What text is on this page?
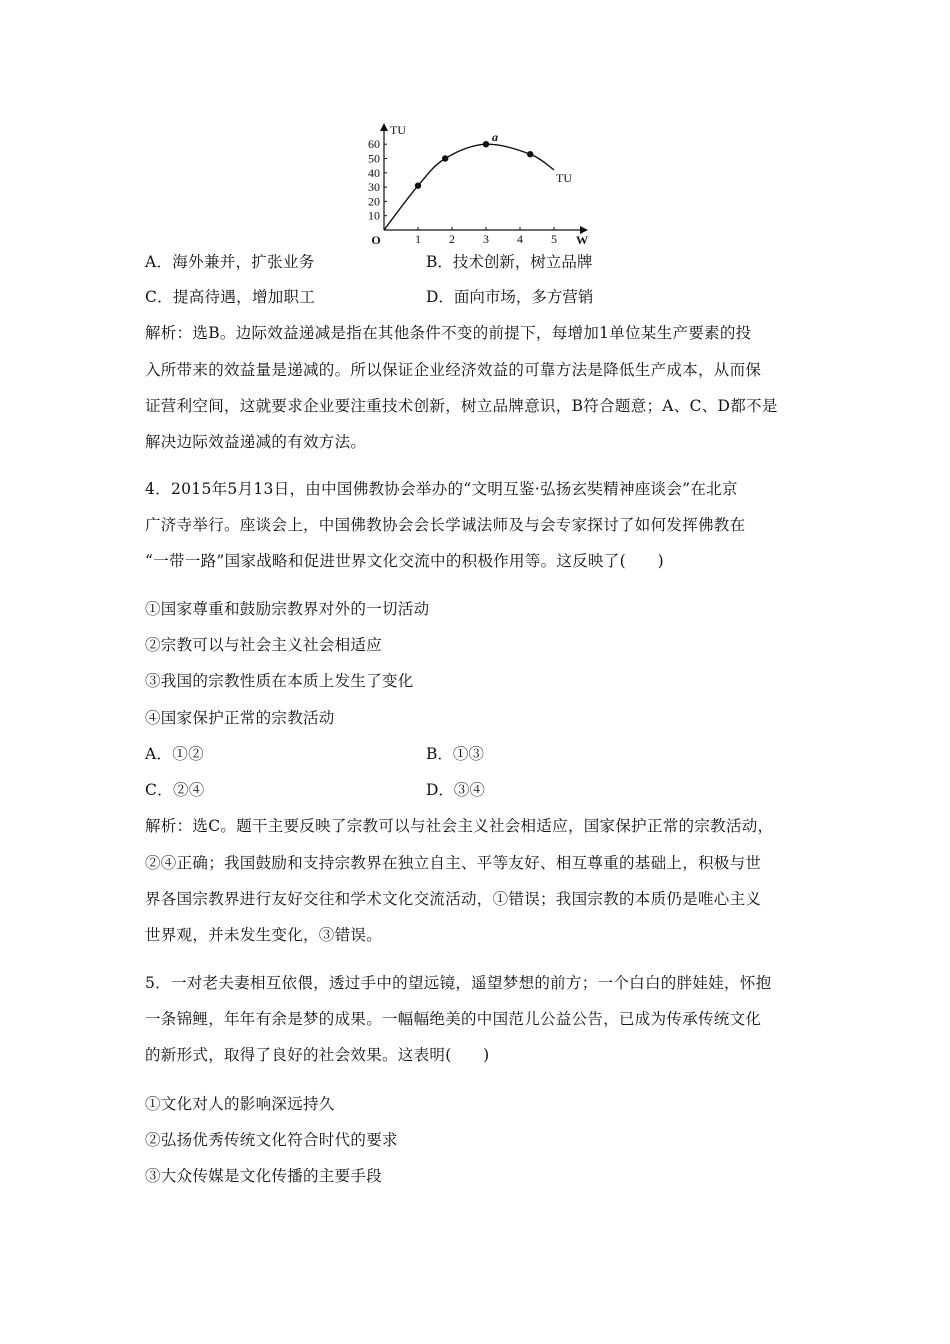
10
20
30
40
50
60
1 2 3 4 5
O	W
TU
TU
a
A．海外兼并，扩张业务	B．技术创新，树立品牌
C．提高待遇，增加职工	D．面向市场，多方营销
解析：选B。边际效益递减是指在其他条件不变的前提下，每增加1单位某生产要素的投
入所带来的效益量是递减的。所以保证企业经济效益的可靠方法是降低生产成本，从而保
证营利空间，这就要求企业要注重技术创新，树立品牌意识，B符合题意；A、C、D都不是
解决边际效益递减的有效方法。
4．2015年5月13日，由中国佛教协会举办的“文明互鉴·弘扬玄奘精神座谈会”在北京
广济寺举行。座谈会上，中国佛教协会会长学诚法师及与会专家探讨了如何发挥佛教在
“一带一路”国家战略和促进世界文化交流中的积极作用等。这反映了(　　)
①国家尊重和鼓励宗教界对外的一切活动
②宗教可以与社会主义社会相适应
③我国的宗教性质在本质上发生了变化
④国家保护正常的宗教活动
A．①②	B．①③
C．②④	D．③④
解析：选C。题干主要反映了宗教可以与社会主义社会相适应，国家保护正常的宗教活动，
②④正确；我国鼓励和支持宗教界在独立自主、平等友好、相互尊重的基础上，积极与世
界各国宗教界进行友好交往和学术文化交流活动，①错误；我国宗教的本质仍是唯心主义
世界观，并未发生变化，③错误。
5．一对老夫妻相互依偎，透过手中的望远镜，遥望梦想的前方；一个白白的胖娃娃，怀抱
一条锦鲤，年年有余是梦的成果。一幅幅绝美的中国范儿公益公告，已成为传承传统文化
的新形式，取得了良好的社会效果。这表明(　　)
①文化对人的影响深远持久
②弘扬优秀传统文化符合时代的要求
③大众传媒是文化传播的主要手段
